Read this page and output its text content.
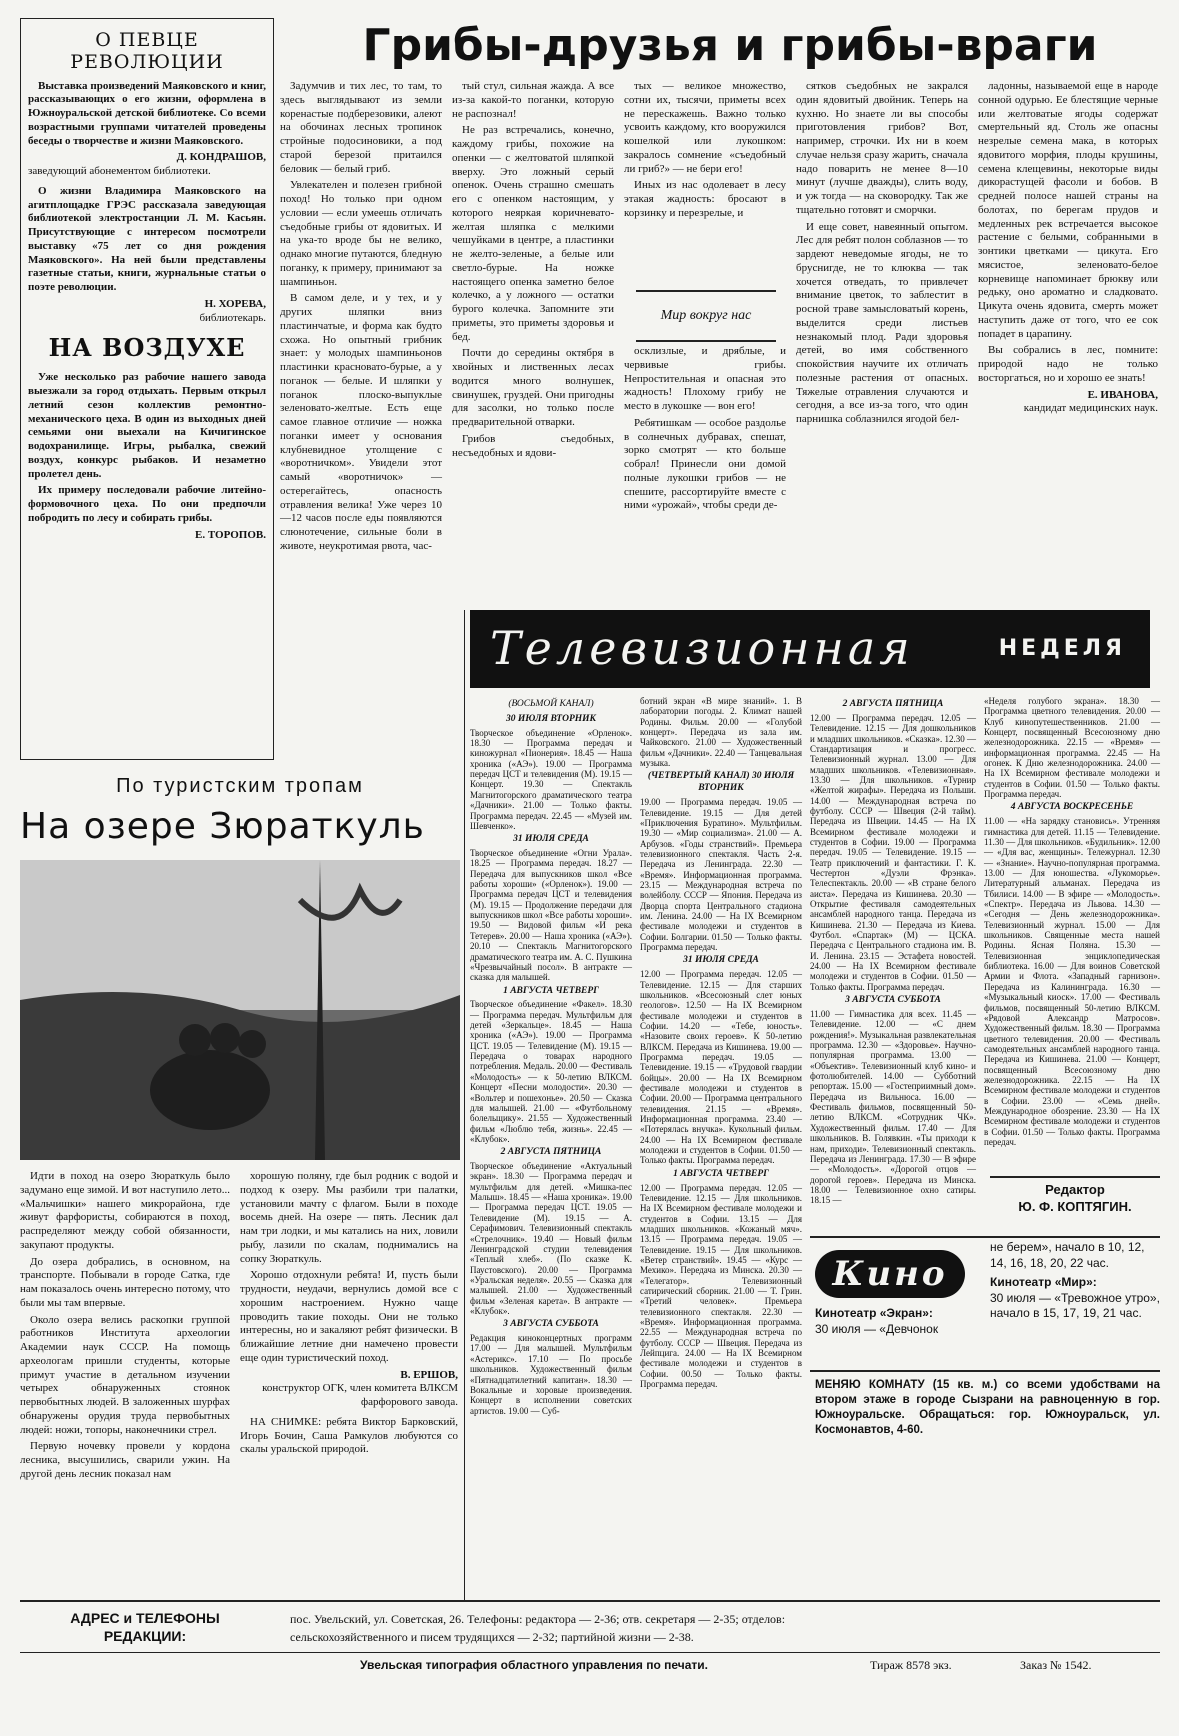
О ПЕВЦЕ РЕВОЛЮЦИИ

Выставка произведений Маяковского и книг, рассказывающих о его жизни, оформлена в Южноуральской детской библиотеке. Со всеми возрастными группами читателей проведены беседы о творчестве и жизни Маяковского.

Д. КОНДРАШОВ,
заведующий абонементом библиотеки.

О жизни Владимира Маяковского на агитплощадке ГРЭС рассказала заведующая библиотекой электростанции Л. М. Касьян. Присутствующие с интересом посмотрели выставку «75 лет со дня рождения Маяковского». На ней были представлены газетные статьи, книги, журнальные статьи о поэте революции.

Н. ХОРЕВА,
библиотекарь.
НА ВОЗДУХЕ

Уже несколько раз рабочие нашего завода выезжали за город отдыхать. Первым открыл летний сезон коллектив ремонтно-механического цеха. В один из выходных дней семьями они выехали на Кичигинское водохранилище. Игры, рыбалка, свежий воздух, конкурс рыбаков. И незаметно пролетел день.

Их примеру последовали рабочие литейно-формовочного цеха. По они предпочли побродить по лесу и собирать грибы.

Е. ТОРОПОВ.
Грибы-друзья и грибы-враги

Задумчив и тих лес, то там, то здесь выглядывают из земли коренастые подберезовики, алеют на обочинах лесных тропинок стройные подосиновики, а под старой березой притаился беловик — белый гриб.

Увлекателен и полезен грибной поход! Но только при одном условии — если умеешь отличать съедобные грибы от ядовитых. И на ука-то вроде бы не велико, однако многие путаются, бледную поганку, к примеру, принимают за шампиньон.

В самом деле, и у тех, и у других шляпки вниз пластинчатые, и форма как будто схожа. Но опытный грибник знает: у молодых шампиньонов пластинки красновато-бурые, а у поганок — белые. И шляпки у поганок плоско-выпуклые зеленовато-желтые. Есть еще самое главное отличие — ножка поганки имеет у основания клубневидное утолщение с «воротничком». Увидели этот самый «воротничок» — остерегайтесь, опасность отравления велика! Уже через 10—12 часов после еды появляются слюнотечение, сильные боли в животе, неукротимая рвота, час-

тый стул, сильная жажда. А все из-за какой-то поганки, которую не распознал!

Не раз встречались, конечно, каждому грибы, похожие на опенки — с желтоватой шляпкой вверху. Это ложный серый опенок. Очень страшно смешать его с опенком настоящим, у которого неяркая коричневато-желтая шляпка с мелкими чешуйками в центре, а пластинки не желто-зеленые, а белые или светло-бурые. На ножке настоящего опенка заметно белое колечко, а у ложного — остатки бурого колечка. Запомните эти приметы, это приметы здоровья и бед.

Почти до середины октября в хвойных и лиственных лесах водится много волнушек, свинушек, груздей. Они пригодны для засолки, но только после предварительной отварки.

Грибов съедобных, несъедобных и ядови-

тых — великое множество, сотни их, тысячи, приметы всех не перескажешь. Важно только усвоить каждому, кто вооружился кошелкой или лукошком: закралось сомнение «съедобный ли гриб?» — не бери его!

Иных из нас одолевает в лесу этакая жадность: бросают в корзинку и перезрелые, и

Мир вокруг нас

осклизлые, и дряблые, и червивые грибы. Непростительная и опасная это жадность! Плохому грибу не место в лукошке — вон его!

Ребятишкам — особое раздолье в солнечных дубравах, спешат, зорко смотрят — кто больше собрал! Принесли они домой полные лукошки грибов — не спешите, рассортируйте вместе с ними «урожай», чтобы среди де-

сятков съедобных не закрался один ядовитый двойник. Теперь на кухню. Но знаете ли вы способы приготовления грибов? Вот, например, строчки. Их ни в коем случае нельзя сразу жарить, сначала надо поварить не менее 8—10 минут (лучше дважды), слить воду, и уж тогда — на сковородку. Так же тщательно готовят и сморчки.

И еще совет, навеянный опытом. Лес для ребят полон соблазнов — то зардеют неведомые ягоды, не то бруснигде, не то клюква — так хочется отведать, то привлечет внимание цветок, то заблестит в росной траве замысловатый корень, выделится среди листьев незнакомый плод. Ради здоровья детей, во имя собственного спокойствия научите их отличать полезные растения от опасных. Тяжелые отравления случаются и сегодня, а все из-за того, что один парнишка соблазнился ягодой бел-

ладонны, называемой еще в народе сонной одурью. Ее блестящие черные или желтоватые ягоды содержат смертельный яд. Столь же опасны незрелые семена мака, в которых ядовитого морфия, плоды крушины, семена клещевины, некоторые виды дикорастущей фасоли и бобов. В средней полосе нашей страны на болотах, по берегам прудов и медленных рек встречается высокое растение с белыми, собранными в зонтики цветками — цикута. Его мясистое, зеленовато-белое корневище напоминает брюкву или редьку, оно ароматно и сладковато. Цикута очень ядовита, смерть может наступить даже от того, что ее сок попадет в царапину.

Вы собрались в лес, помните: природой надо не только восторгаться, но и хорошо ее знать!

Е. ИВАНОВА,
кандидат медицинских наук.
Телевизионная	НЕДЕЛЯ
(ВОСЬМОЙ КАНАЛ)
30 ИЮЛЯ ВТОРНИК

Творческое объединение «Орленок». 18.30 — Программа передач и киножурнал «Пионерия». 18.45 — Наша хроника («АЭ»). 19.00 — Программа передач ЦСТ и телевидения (М). 19.15 — Концерт. 19.30 — Спектакль Магнитогорского драматического театра «Дачники». 21.00 — Только факты. Программа передач. 22.45 — «Музей им. Шевченко».

31 ИЮЛЯ СРЕДА

Творческое объединение «Огни Урала». 18.25 — Программа передач. 18.27 — Передача для выпускников школ «Все работы хороши» («Орленок»). 19.00 — Программа передач ЦСТ и телевидения (М). 19.15 — Продолжение передачи для выпускников школ «Все работы хороши». 19.50 — Видовой фильм «И река Тетерев». 20.00 — Наша хроника («АЭ»). 20.10 — Спектакль Магнитогорского драматического театра им. А. С. Пушкина «Чрезвычайный посол». В антракте — сказка для малышей.

1 АВГУСТА ЧЕТВЕРГ

Творческое объединение «Факел». 18.30 — Программа передач. Мультфильм для детей «Зеркальце». 18.45 — Наша хроника («АЭ»). 19.00 — Программа ЦСТ. 19.05 — Телевидение (М). 19.15 — Передача о товарах народного потребления. Медаль. 20.00 — Фестиваль «Молодость» — к 50-летию ВЛКСМ. Концерт «Песни молодости». 20.30 — «Вольтер и пошехонье». 20.50 — Сказка для малышей. 21.00 — «Футбольному болельщику». 21.55 — Художественный фильм «Люблю тебя, жизнь». 22.45 — «Клубок».

2 АВГУСТА ПЯТНИЦА

Творческое объединение «Актуальный экран». 18.30 — Программа передач и мультфильм для детей. «Мишка-пес Малыш». 18.45 — «Наша хроника». 19.00 — Программа передач ЦСТ. 19.05 — Телевидение (М). 19.15 — А. Серафимович. Телевизионный спектакль «Стрелочник». 19.40 — Новый фильм Ленинградской студии телевидения «Теплый хлеб». (По сказке К. Паустовского). 20.00 — Программа «Уральская неделя». 20.55 — Сказка для малышей. 21.00 — Художественный фильм «Зеленая карета». В антракте — «Клубок».

3 АВГУСТА СУББОТА

Редакция киноконцертных программ 17.00 — Для малышей. Мультфильм «Астерикс». 17.10 — По просьбе школьников. Художественный фильм «Пятнадцатилетний капитан». 18.30 — Вокальные и хоровые произведения. Концерт в исполнении советских артистов. 19.00 — Суб-

ботний экран «В мире знаний». 1. В лаборатории погоды. 2. Климат нашей Родины. Фильм. 20.00 — «Голубой концерт». Передача из зала им. Чайковского. 21.00 — Художественный фильм «Дачники». 22.40 — Танцевальная музыка.

(ЧЕТВЕРТЫЙ КАНАЛ) 30 ИЮЛЯ ВТОРНИК

19.00 — Программа передач. 19.05 — Телевидение. 19.15 — Для детей «Приключения Буратино». Мультфильм. 19.30 — «Мир социализма». 21.00 — А. Арбузов. «Годы странствий». Премьера телевизионного спектакля. Часть 2-я. Передача из Ленинграда. 22.30 — «Время». Информационная программа. 23.15 — Международная встреча по волейболу. СССР — Япония. Передача из Дворца спорта Центрального стадиона им. Ленина. 24.00 — На IX Всемирном фестивале молодежи и студентов в Софии. Болгарии. 01.50 — Только факты. Программа передач.

31 ИЮЛЯ СРЕДА

12.00 — Программа передач. 12.05 — Телевидение. 12.15 — Для старших школьников. «Всесоюзный слет юных геологов». 12.50 — На IX Всемирном фестивале молодежи и студентов в Софии. 14.20 — «Тебе, юность». «Назовите своих героев». К 50-летию ВЛКСМ. Передача из Кишинева. 19.00 — Программа передач. 19.05 — Телевидение. 19.15 — «Трудовой гвардии бойцы». 20.00 — На IX Всемирном фестивале молодежи и студентов в Софии. 20.00 — Программа центрального телевидения. 21.15 — «Время». Информационная программа. 23.40 — «Потерялась внучка». Кукольный фильм. 24.00 — На IX Всемирном фестивале молодежи и студентов в Софии. 01.50 — Только факты. Программа передач.

1 АВГУСТА ЧЕТВЕРГ

12.00 — Программа передач. 12.05 — Телевидение. 12.15 — Для школьников. На IX Всемирном фестивале молодежи и студентов в Софии. 13.15 — Для младших школьников. «Кожаный мяч». 13.15 — Программа передач. 19.05 — Телевидение. 19.15 — Для школьников. «Ветер странствий». 19.45 — «Курс — Мехико». Передача из Минска. 20.30 — «Телегатор». Телевизионный сатирический сборник. 21.00 — Т. Грин. «Третий человек». Премьера телевизионного спектакля. 22.30 — «Время». Информационная программа. 22.55 — Международная встреча по футболу. СССР — Швеция. Передача из Лейпцига. 24.00 — На IX Всемирном фестивале молодежи и студентов в Софии. 00.50 — Только факты. Программа передач.

2 АВГУСТА ПЯТНИЦА

12.00 — Программа передач. 12.05 — Телевидение. 12.15 — Для дошкольников и младших школьников. «Сказка». 12.30 — Стандартизация и прогресс. Телевизионный журнал. 13.00 — Для младших школьников. «Телевизионная». 13.30 — Для школьников. «Турнир «Желтой жирафы». Передача из Польши. 14.00 — Международная встреча по футболу. СССР — Швеция (2-й тайм). Передача из Швеции. 14.45 — На IX Всемирном фестивале молодежи и студентов в Софии. 19.00 — Программа передач. 19.05 — Телевидение. 19.15 — Театр приключений и фантастики. Г. К. Честертон «Дуэли Фрэнка». Телеспектакль. 20.00 — «В стране белого аиста». Передача из Кишинева. 20.30 — Открытие фестиваля самодеятельных ансамблей народного танца. Передача из Кишинева. 21.30 — Передача из Киева. Футбол. «Спартак» (М) — ЦСКА. Передача с Центрального стадиона им. В. И. Ленина. 23.15 — Эстафета новостей. 24.00 — На IX Всемирном фестивале молодежи и студентов в Софии. 01.50 — Только факты. Программа передач.

3 АВГУСТА СУББОТА

11.00 — Гимнастика для всех. 11.45 — Телевидение. 12.00 — «С днем рождения!». Музыкальная развлекательная программа. 12.30 — «Здоровье». Научно-популярная программа. 13.00 — «Объектив». Телевизионный клуб кино- и фотолюбителей. 14.00 — Субботний репортаж. 15.00 — «Гостеприимный дом». Передача из Вильнюса. 16.00 — Фестиваль фильмов, посвященный 50-летию ВЛКСМ. «Сотрудник ЧК». Художественный фильм. 17.40 — Для школьников. В. Голявкин. «Ты приходи к нам, приходи». Телевизионный спектакль. Передача из Ленинграда. 17.30 — В эфире — «Молодость». «Дорогой отцов — дорогой героев». Передача из Минска. 18.00 — Телевизионное охно сатиры. 18.15 —

«Неделя голубого экрана». 18.30 — Программа цветного телевидения. 20.00 — Клуб кинопутешественников. 21.00 — Концерт, посвященный Всесоюзному дню железнодорожника. 22.15 — «Время» — информационная программа. 22.45 — На огонек. К Дню железнодорожника. 24.00 — На IX Всемирном фестивале молодежи и студентов в Софии. 01.50 — Только факты. Программа передач.

4 АВГУСТА ВОСКРЕСЕНЬЕ

11.00 — «На зарядку становись». Утренняя гимнастика для детей. 11.15 — Телевидение. 11.30 — Для школьников. «Будильник». 12.00 — «Для вас, женщины». Тележурнал. 12.30 — «Знание». Научно-популярная программа. 13.00 — Для юношества. «Лукоморье». Литературный альманах. Передача из Тбилиси. 14.00 — В эфире — «Молодость». «Спектр». Передача из Львова. 14.30 — «Сегодня — День железнодорожника». Телевизионный журнал. 15.00 — Для школьников. Священные места нашей Родины. Ясная Поляна. 15.30 — Телевизионная энциклопедическая библиотека. 16.00 — Для воинов Советской Армии и Флота. «Западный гарнизон». Передача из Калининграда. 16.30 — «Музыкальный киоск». 17.00 — Фестиваль фильмов, посвященный 50-летию ВЛКСМ. «Рядовой Александр Матросов». Художественный фильм. 18.30 — Программа цветного телевидения. 20.00 — Фестиваль самодеятельных ансамблей народного танца. Передача из Кишинева. 21.00 — Концерт, посвященный Всесоюзному дню железнодорожника. 22.15 — На IX Всемирном фестивале молодежи и студентов в Софии. 23.00 — «Семь дней». Международное обозрение. 23.30 — На IX Всемирном фестивале молодежи и студентов в Софии. 01.50 — Только факты. Программа передач.

Редактор
Ю. Ф. КОПТЯГИН.
Кино
Кинотеатр «Экран»:
30 июля — «Девчонок
не берем», начало в 10, 12, 14, 16, 18, 20, 22 час.
Кинотеатр «Мир»:
30 июля — «Тревожное утро», начало в 15, 17, 19, 21 час.
МЕНЯЮ КОМНАТУ (15 кв. м.) со всеми удобствами на втором этаже в городе Сызрани на равноценную в гор. Южноуральске. Обращаться: гор. Южноуральск, ул. Космонавтов, 4-60.
По туристским тропам
На озере Зюраткуль

Идти в поход на озеро Зюраткуль было задумано еще зимой. И вот наступило лето... «Мальчишки» нашего микрорайона, где живут фарфористы, собираются в поход, распределяют между собой обязанности, закупают продукты.

До озера добрались, в основном, на транспорте. Побывали в городе Сатка, где нам показалось очень интересно потому, что были мы там впервые.

Около озера велись раскопки группой работников Института археологии Академии наук СССР. На помощь археологам пришли студенты, которые примут участие в детальном изучении четырех обнаруженных стоянок первобытных людей. В заложенных шурфах обнаружены орудия труда первобытных людей: ножи, топоры, наконечники стрел.

Первую ночевку провели у кордона лесника, высушились, сварили ужин. На другой день лесник показал нам

хорошую поляну, где был родник с водой и подход к озеру. Мы разбили три палатки, установили мачту с флагом. Были в походе восемь дней. На озере — пять. Лесник дал нам три лодки, и мы катались на них, ловили рыбу, лазили по скалам, поднимались на сопку Зюраткуль.

Хорошо отдохнули ребята! И, пусть были трудности, неудачи, вернулись домой все с хорошим настроением. Нужно чаще проводить такие походы. Они не только интересны, но и закаляют ребят физически. В ближайшие летние дни намечено провести еще один туристический поход.

В. ЕРШОВ,
конструктор ОГК, член комитета ВЛКСМ фарфорового завода.

НА СНИМКЕ: ребята Виктор Барковский, Игорь Бочин, Саша Рамкулов любуются со скалы уральской природой.

АДРЕС и ТЕЛЕФОНЫ РЕДАКЦИИ:
пос. Увельский, ул. Советская, 26. Телефоны: редактора — 2-36; отв. секретаря — 2-35; отделов:
сельскохозяйственного и писем трудящихся — 2-32; партийной жизни — 2-38.
Увельская типография областного управления по печати.	Тираж 8578 экз.	Заказ № 1542.
